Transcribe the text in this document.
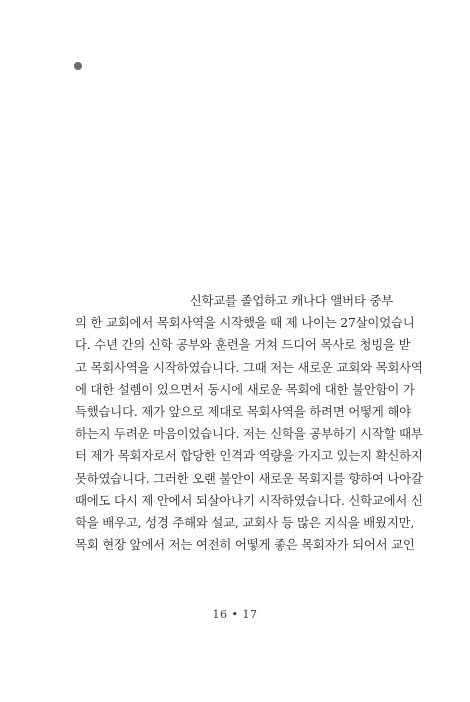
신학교를 졸업하고 캐나다 앨버타 중부
의 한 교회에서 목회사역을 시작했을 때 제 나이는 27살이었습니
다. 수년 간의 신학 공부와 훈련을 거쳐 드디어 목사로 청빙을 받
고 목회사역을 시작하였습니다. 그때 저는 새로운 교회와 목회사역
에 대한 설렘이 있으면서 동시에 새로운 목회에 대한 불안함이 가
득했습니다. 제가 앞으로 제대로 목회사역을 하려면 어떻게 해야
하는지 두려운 마음이었습니다. 저는 신학을 공부하기 시작할 때부
터 제가 목회자로서 합당한 인격과 역량을 가지고 있는지 확신하지
못하였습니다. 그러한 오랜 불안이 새로운 목회지를 향하여 나아갈
때에도 다시 제 안에서 되살아나기 시작하였습니다. 신학교에서 신
학을 배우고, 성경 주해와 설교, 교회사 등 많은 지식을 배웠지만,
목회 현장 앞에서 저는 여전히 어떻게 좋은 목회자가 되어서 교인
16 • 17
